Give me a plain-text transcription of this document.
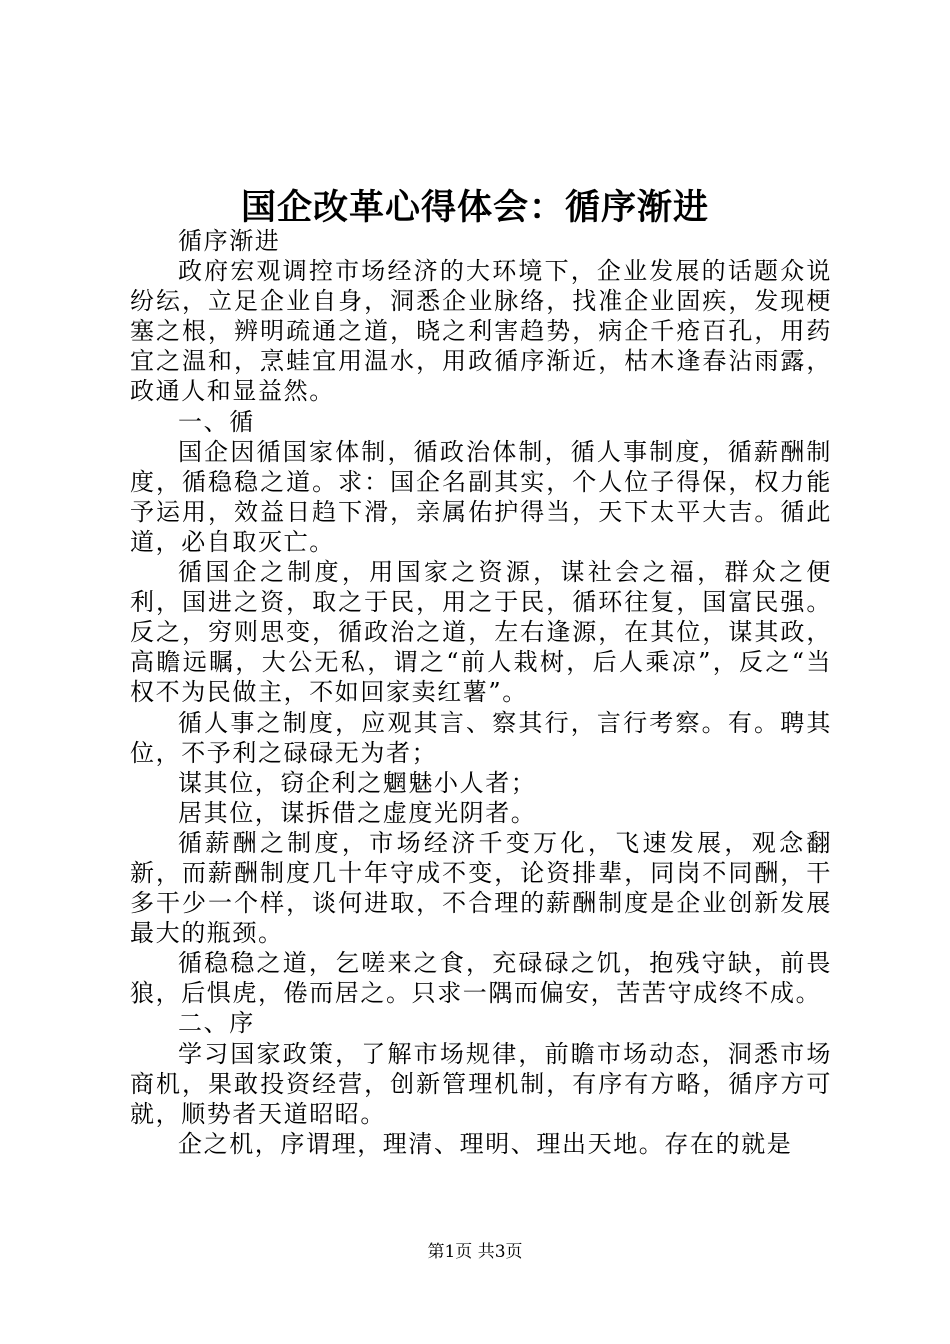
国企改革心得体会：循序渐进

循序渐进

政府宏观调控市场经济的大环境下，企业发展的话题众说纷纭，立足企业自身，洞悉企业脉络，找准企业固疾，发现梗塞之根，辨明疏通之道，晓之利害趋势，病企千疮百孔，用药宜之温和，烹蛙宜用温水，用政循序渐近，枯木逢春沾雨露，政通人和显益然。

一、循

国企因循国家体制，循政治体制，循人事制度，循薪酬制度，循稳稳之道。求：国企名副其实，个人位子得保，权力能予运用，效益日趋下滑，亲属佑护得当，天下太平大吉。循此道，必自取灭亡。

循国企之制度，用国家之资源，谋社会之福，群众之便利，国进之资，取之于民，用之于民，循环往复，国富民强。反之，穷则思变，循政治之道，左右逢源，在其位，谋其政，高瞻远瞩，大公无私，谓之“前人栽树，后人乘凉”，反之“当权不为民做主，不如回家卖红薯”。

循人事之制度，应观其言、察其行，言行考察。有。聘其位，不予利之碌碌无为者；

谋其位，窃企利之魍魅小人者；

居其位，谋拆借之虚度光阴者。

循薪酬之制度，市场经济千变万化，飞速发展，观念翻新，而薪酬制度几十年守成不变，论资排辈，同岗不同酬，干多干少一个样，谈何进取，不合理的薪酬制度是企业创新发展最大的瓶颈。

循稳稳之道，乞嗟来之食，充碌碌之饥，抱残守缺，前畏狼，后惧虎，倦而居之。只求一隅而偏安，苦苦守成终不成。

二、序

学习国家政策，了解市场规律，前瞻市场动态，洞悉市场商机，果敢投资经营，创新管理机制，有序有方略，循序方可就，顺势者天道昭昭。

企之机，序谓理，理清、理明、理出天地。存在的就是

第1页 共3页
